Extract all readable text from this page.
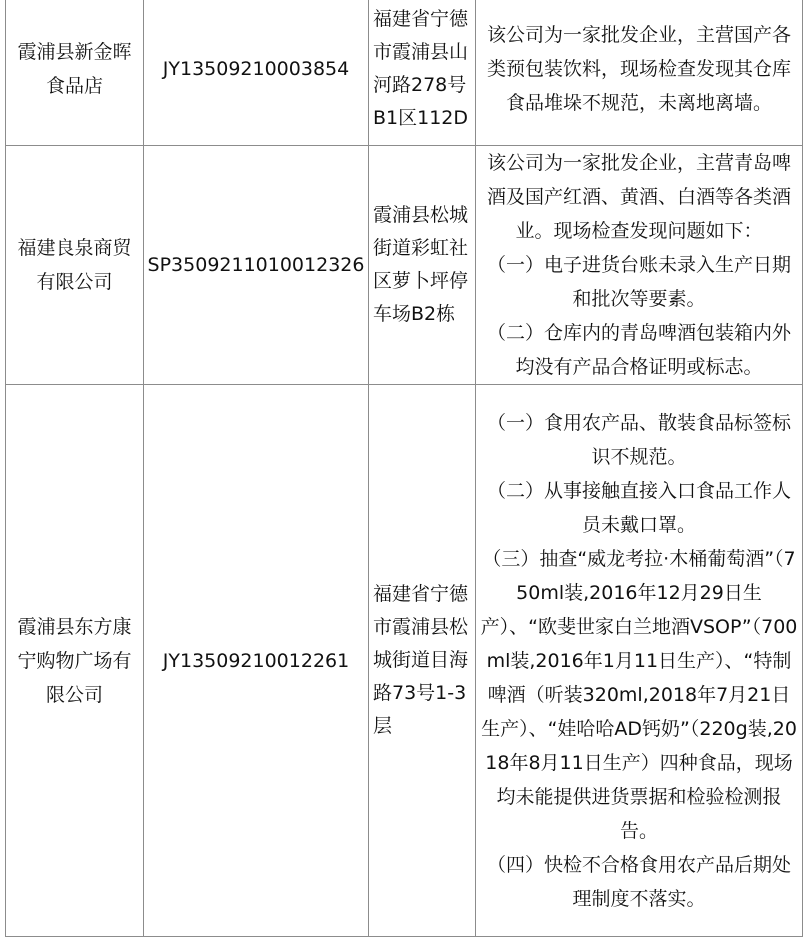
霞浦县新金晖食品店	JY13509210003854	福建省宁德市霞浦县山河路278号B1区112D	该公司为一家批发企业，主营国产各类预包装饮料，现场检查发现其仓库食品堆垛不规范，未离地离墙。

福建良泉商贸有限公司	SP3509211010012326	霞浦县松城街道彩虹社区萝卜坪停车场B2栋	该公司为一家批发企业，主营青岛啤酒及国产红酒、黄酒、白酒等各类酒业。现场检查发现问题如下：
（一）电子进货台账未录入生产日期和批次等要素。
（二）仓库内的青岛啤酒包装箱内外均没有产品合格证明或标志。

霞浦县东方康宁购物广场有限公司	JY13509210012261	福建省宁德市霞浦县松城街道目海路73号1-3层	（一）食用农产品、散装食品标签标识不规范。
（二）从事接触直接入口食品工作人员未戴口罩。
（三）抽查“威龙考拉·木桶葡萄酒”（750ml装,2016年12月29日生产）、“欧斐世家白兰地酒VSOP”（700ml装,2016年1月11日生产）、“特制啤酒（听装320ml,2018年7月21日生产）、“娃哈哈AD钙奶”（220g装,2018年8月11日生产）四种食品，现场均未能提供进货票据和检验检测报告。
（四）快检不合格食用农产品后期处理制度不落实。
